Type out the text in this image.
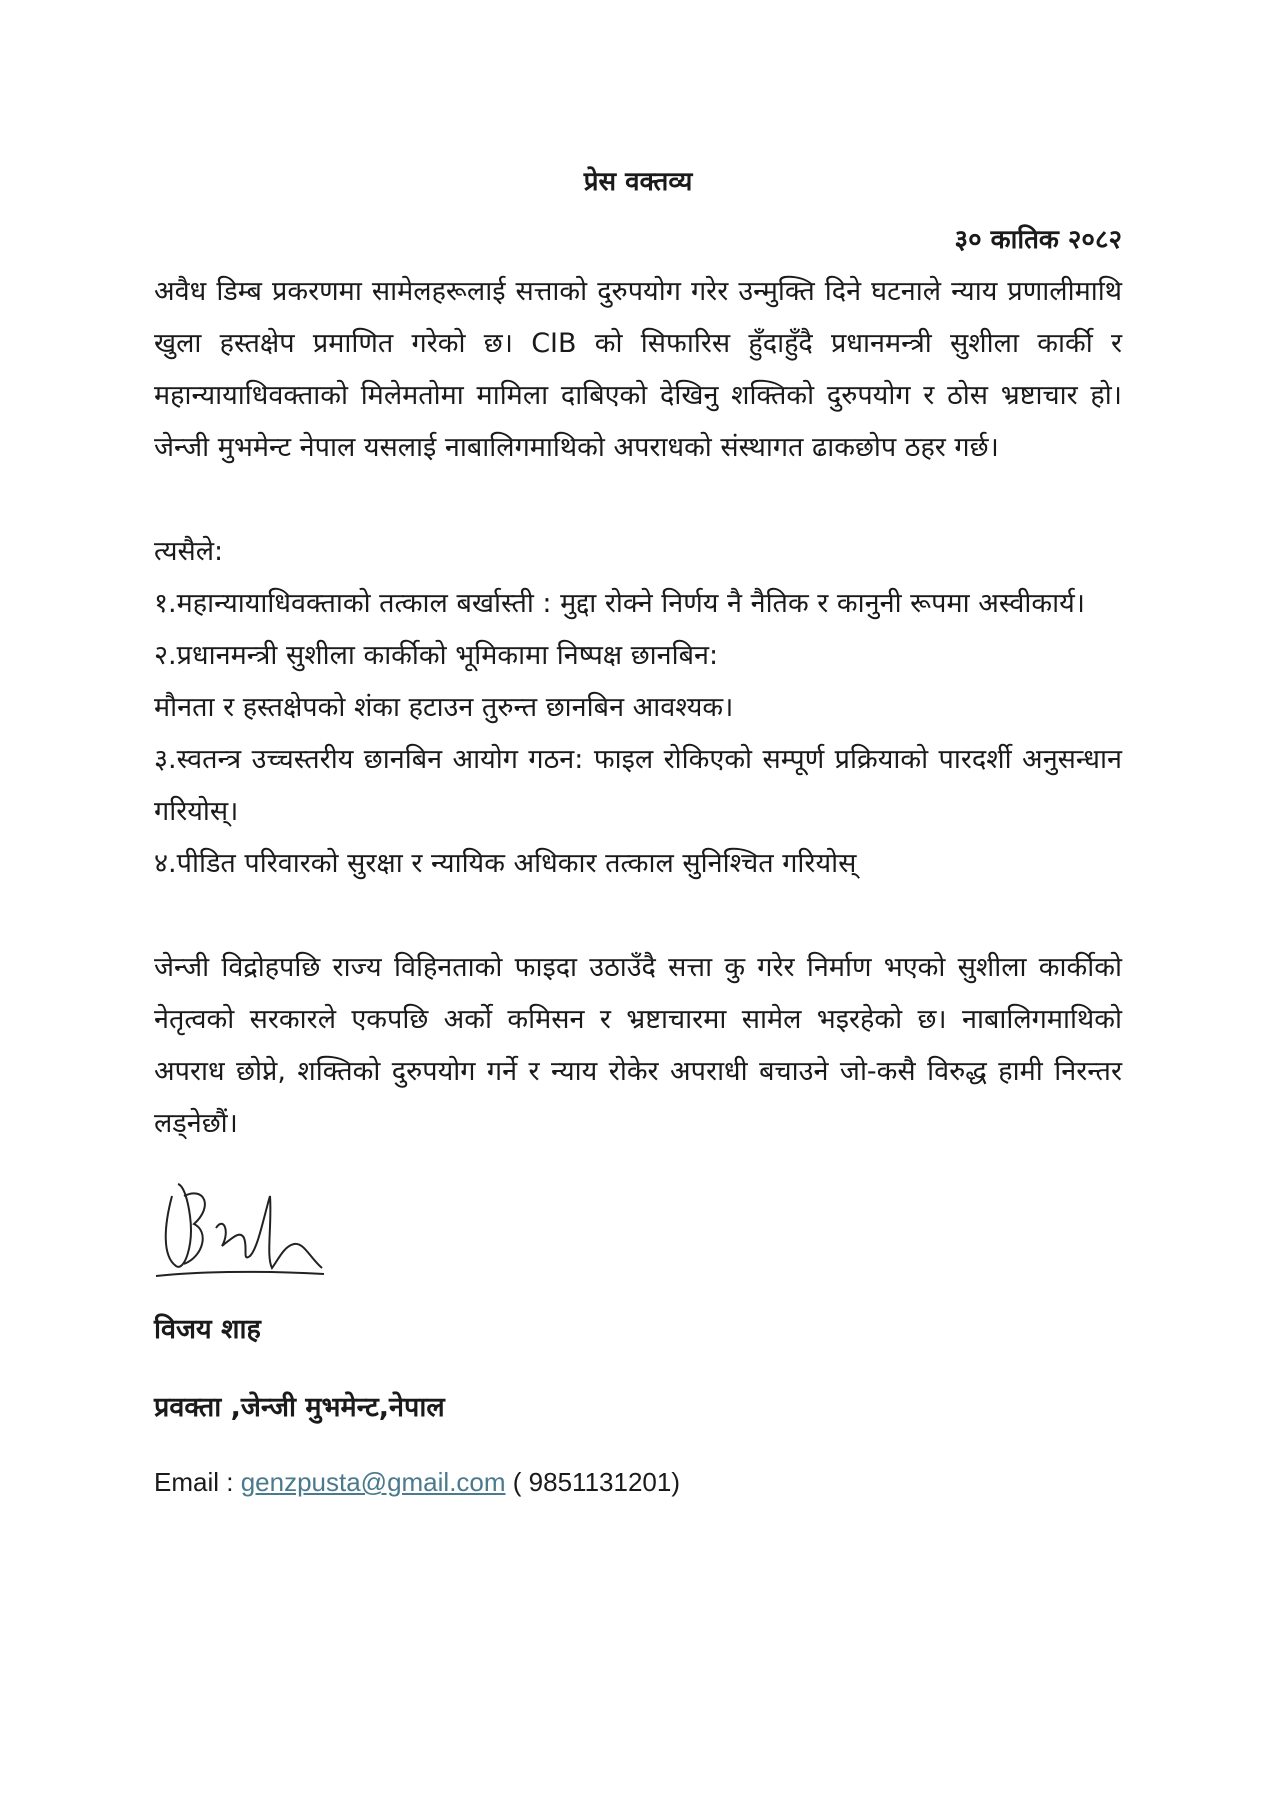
प्रेस वक्तव्य
३० कातिक २०८२

अवैध डिम्ब प्रकरणमा सामेलहरूलाई सत्ताको दुरुपयोग गरेर उन्मुक्ति दिने घटनाले न्याय प्रणालीमाथि खुला हस्तक्षेप प्रमाणित गरेको छ। CIB को सिफारिस हुँदाहुँदै प्रधानमन्त्री सुशीला कार्की र महान्यायाधिवक्ताको मिलेमतोमा मामिला दाबिएको देखिनु शक्तिको दुरुपयोग र ठोस भ्रष्टाचार हो। जेन्जी मुभमेन्ट नेपाल यसलाई नाबालिगमाथिको अपराधको संस्थागत ढाकछोप ठहर गर्छ।

त्यसैले:

१.महान्यायाधिवक्ताको तत्काल बर्खास्ती : मुद्दा रोक्ने निर्णय नै नैतिक र कानुनी रूपमा अस्वीकार्य।
२.प्रधानमन्त्री सुशीला कार्कीको भूमिकामा निष्पक्ष छानबिन:
मौनता र हस्तक्षेपको शंका हटाउन तुरुन्त छानबिन आवश्यक।
३.स्वतन्त्र उच्चस्तरीय छानबिन आयोग गठन: फाइल रोकिएको सम्पूर्ण प्रक्रियाको पारदर्शी अनुसन्धान गरियोस्।
४.पीडित परिवारको सुरक्षा र न्यायिक अधिकार तत्काल सुनिश्चित गरियोस्

जेन्जी विद्रोहपछि राज्य विहिनताको फाइदा उठाउँदै सत्ता कु गरेर निर्माण भएको सुशीला कार्कीको नेतृत्वको सरकारले एकपछि अर्को कमिसन र भ्रष्टाचारमा सामेल भइरहेको छ। नाबालिगमाथिको अपराध छोप्ने, शक्तिको दुरुपयोग गर्ने र न्याय रोकेर अपराधी बचाउने जो-कसै विरुद्ध हामी निरन्तर लड्नेछौं।

विजय शाह
प्रवक्ता ,जेन्जी मुभमेन्ट,नेपाल
Email : genzpusta@gmail.com ( 9851131201)
